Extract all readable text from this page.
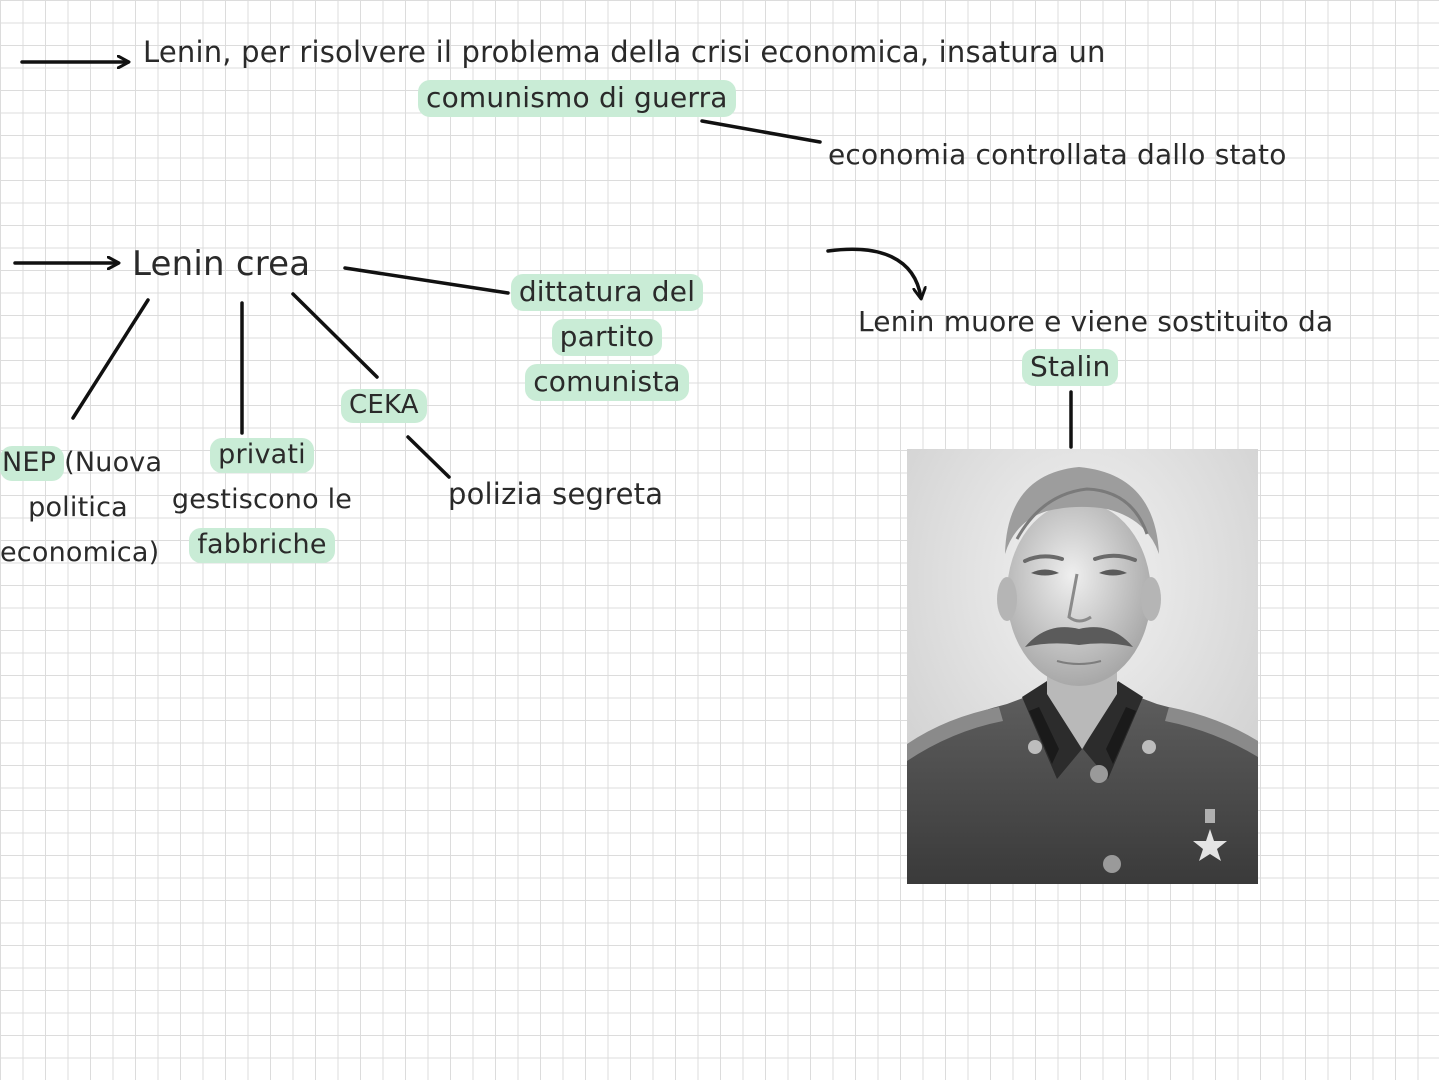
Lenin, per risolvere il problema della crisi economica, insatura un
comunismo di guerra
economia controllata dallo stato
Lenin crea
dittatura del
partito
comunista
CEKA
polizia segreta
NEP (Nuova
politica
economica)
privati
gestiscono le
fabbriche
Lenin muore e viene sostituito da
Stalin
